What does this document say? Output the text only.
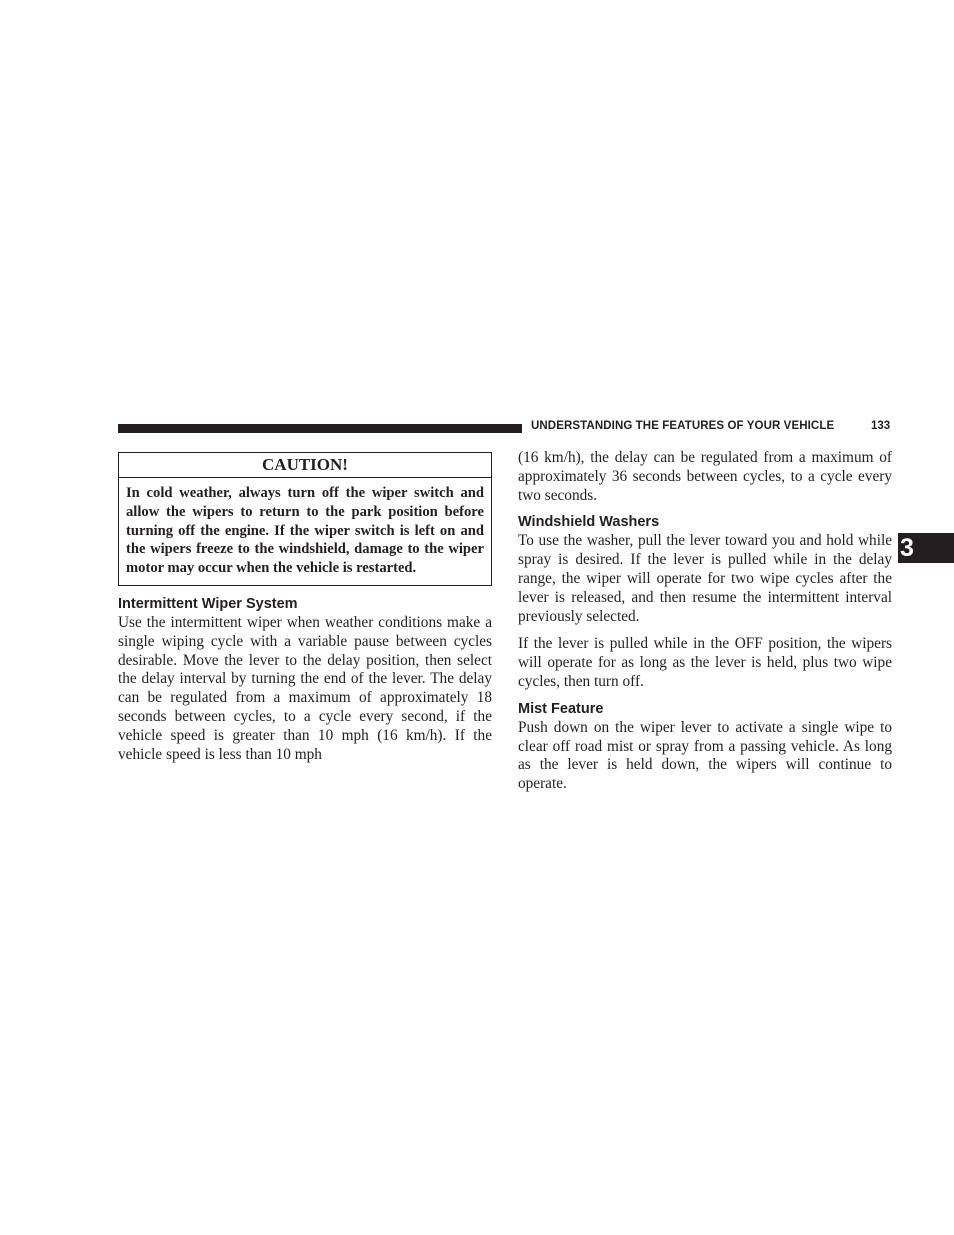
UNDERSTANDING THE FEATURES OF YOUR VEHICLE	133
3
CAUTION!
In cold weather, always turn off the wiper switch and allow the wipers to return to the park position before turning off the engine. If the wiper switch is left on and the wipers freeze to the windshield, damage to the wiper motor may occur when the vehicle is restarted.
Intermittent Wiper System

Use the intermittent wiper when weather conditions make a single wiping cycle with a variable pause between cycles desirable. Move the lever to the delay position, then select the delay interval by turning the end of the lever. The delay can be regulated from a maximum of approximately 18 seconds between cycles, to a cycle every second, if the vehicle speed is greater than 10 mph (16 km/h). If the vehicle speed is less than 10 mph

(16 km/h), the delay can be regulated from a maximum of approximately 36 seconds between cycles, to a cycle every two seconds.

Windshield Washers

To use the washer, pull the lever toward you and hold while spray is desired. If the lever is pulled while in the delay range, the wiper will operate for two wipe cycles after the lever is released, and then resume the intermittent interval previously selected.

If the lever is pulled while in the OFF position, the wipers will operate for as long as the lever is held, plus two wipe cycles, then turn off.

Mist Feature

Push down on the wiper lever to activate a single wipe to clear off road mist or spray from a passing vehicle. As long as the lever is held down, the wipers will continue to operate.
